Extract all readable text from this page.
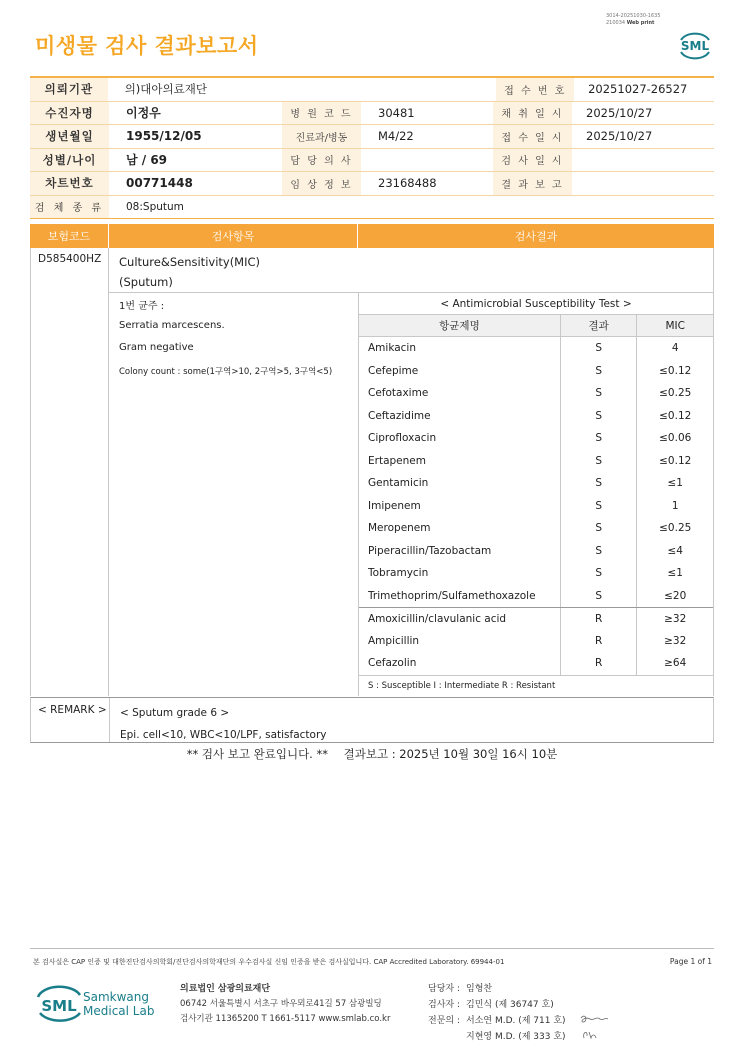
미생물 검사 결과보고서
3014-20251030-1635
210034 Web print
SML
의뢰기관	의)대아의료재단	접 수 번 호	20251027-26527
수진자명	이정우	병 원 코 드	30481	채 취 일 시	2025/10/27
생년월일	1955/12/05	진료과/병동	M4/22	접 수 일 시	2025/10/27
성별/나이	남 / 69	담 당 의 사	검 사 일 시
차트번호	00771448	임 상 정 보	23168488	결 과 보 고
검 체 종 류	08:Sputum
보험코드	검사항목	검사결과
D585400HZ	Culture&Sensitivity(MIC)
(Sputum)
1번 균주 :
Serratia marcescens.
Gram negative
Colony count : some(1구역>10, 2구역>5, 3구역<5)
< Antimicrobial Susceptibility Test >
항균제명	결과	MIC
Amikacin	S	4
Cefepime	S	≤0.12
Cefotaxime	S	≤0.25
Ceftazidime	S	≤0.12
Ciprofloxacin	S	≤0.06
Ertapenem	S	≤0.12
Gentamicin	S	≤1
Imipenem	S	1
Meropenem	S	≤0.25
Piperacillin/Tazobactam	S	≤4
Tobramycin	S	≤1
Trimethoprim/Sulfamethoxazole	S	≤20
Amoxicillin/clavulanic acid	R	≥32
Ampicillin	R	≥32
Cefazolin	R	≥64
S : Susceptible I : Intermediate R : Resistant
< REMARK >	< Sputum grade 6 >
Epi. cell<10, WBC<10/LPF, satisfactory
** 검사 보고 완료입니다. ** 결과보고 : 2025년 10월 30일 16시 10분
본 검사실은 CAP 인증 및 대한진단검사의학회/진단검사의학재단의 우수검사실 신임 인증을 받은 검사실입니다. CAP Accredited Laboratory. 69944-01	Page 1 of 1
SML Samkwang
Medical Lab
의료법인 삼광의료재단
06742 서울특별시 서초구 바우뫼로41길 57 삼광빌딩
검사기관 11365200 T 1661-5117 www.smlab.co.kr
담당자 : 임형찬
검사자 : 김민식 (제 36747 호)
전문의 : 서소연 M.D. (제 711 호)
지현영 M.D. (제 333 호)
